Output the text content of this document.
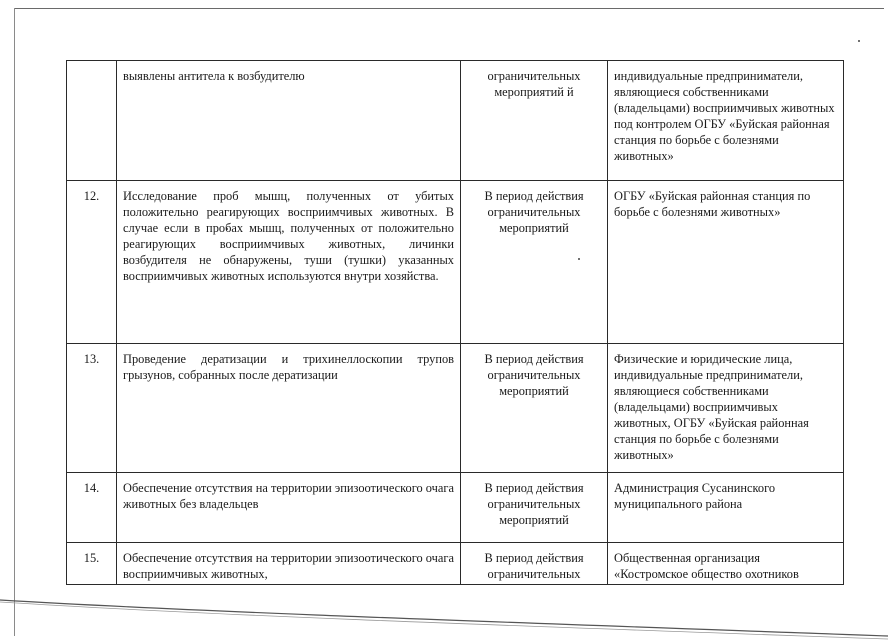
	выявлены антитела к возбудителю	ограничительных мероприятий й	индивидуальные предприниматели, являющиеся собственниками (владельцами) восприимчивых животных под контролем ОГБУ «Буйская районная станция по борьбе с болезнями животных»
12.	Исследование проб мышц, полученных от убитых положительно реагирующих восприимчивых животных. В случае если в пробах мышц, полученных от положительно реагирующих восприимчивых животных, личинки возбудителя не обнаружены, туши (тушки) указанных восприимчивых животных используются внутри хозяйства.	В период действия ограничительных мероприятий	ОГБУ «Буйская районная станция по борьбе с болезнями животных»
13.	Проведение дератизации и трихинеллоскопии трупов грызунов, собранных после дератизации	В период действия ограничительных мероприятий	Физические и юридические лица, индивидуальные предприниматели, являющиеся собственниками (владельцами) восприимчивых животных, ОГБУ «Буйская районная станция по борьбе с болезнями животных»
14.	Обеспечение отсутствия на территории эпизоотического очага животных без владельцев	В период действия ограничительных мероприятий	Администрация Сусанинского муниципального района
15.	Обеспечение отсутствия на территории эпизоотического очага восприимчивых животных,	В период действия ограничительных	Общественная организация «Костромское общество охотников
